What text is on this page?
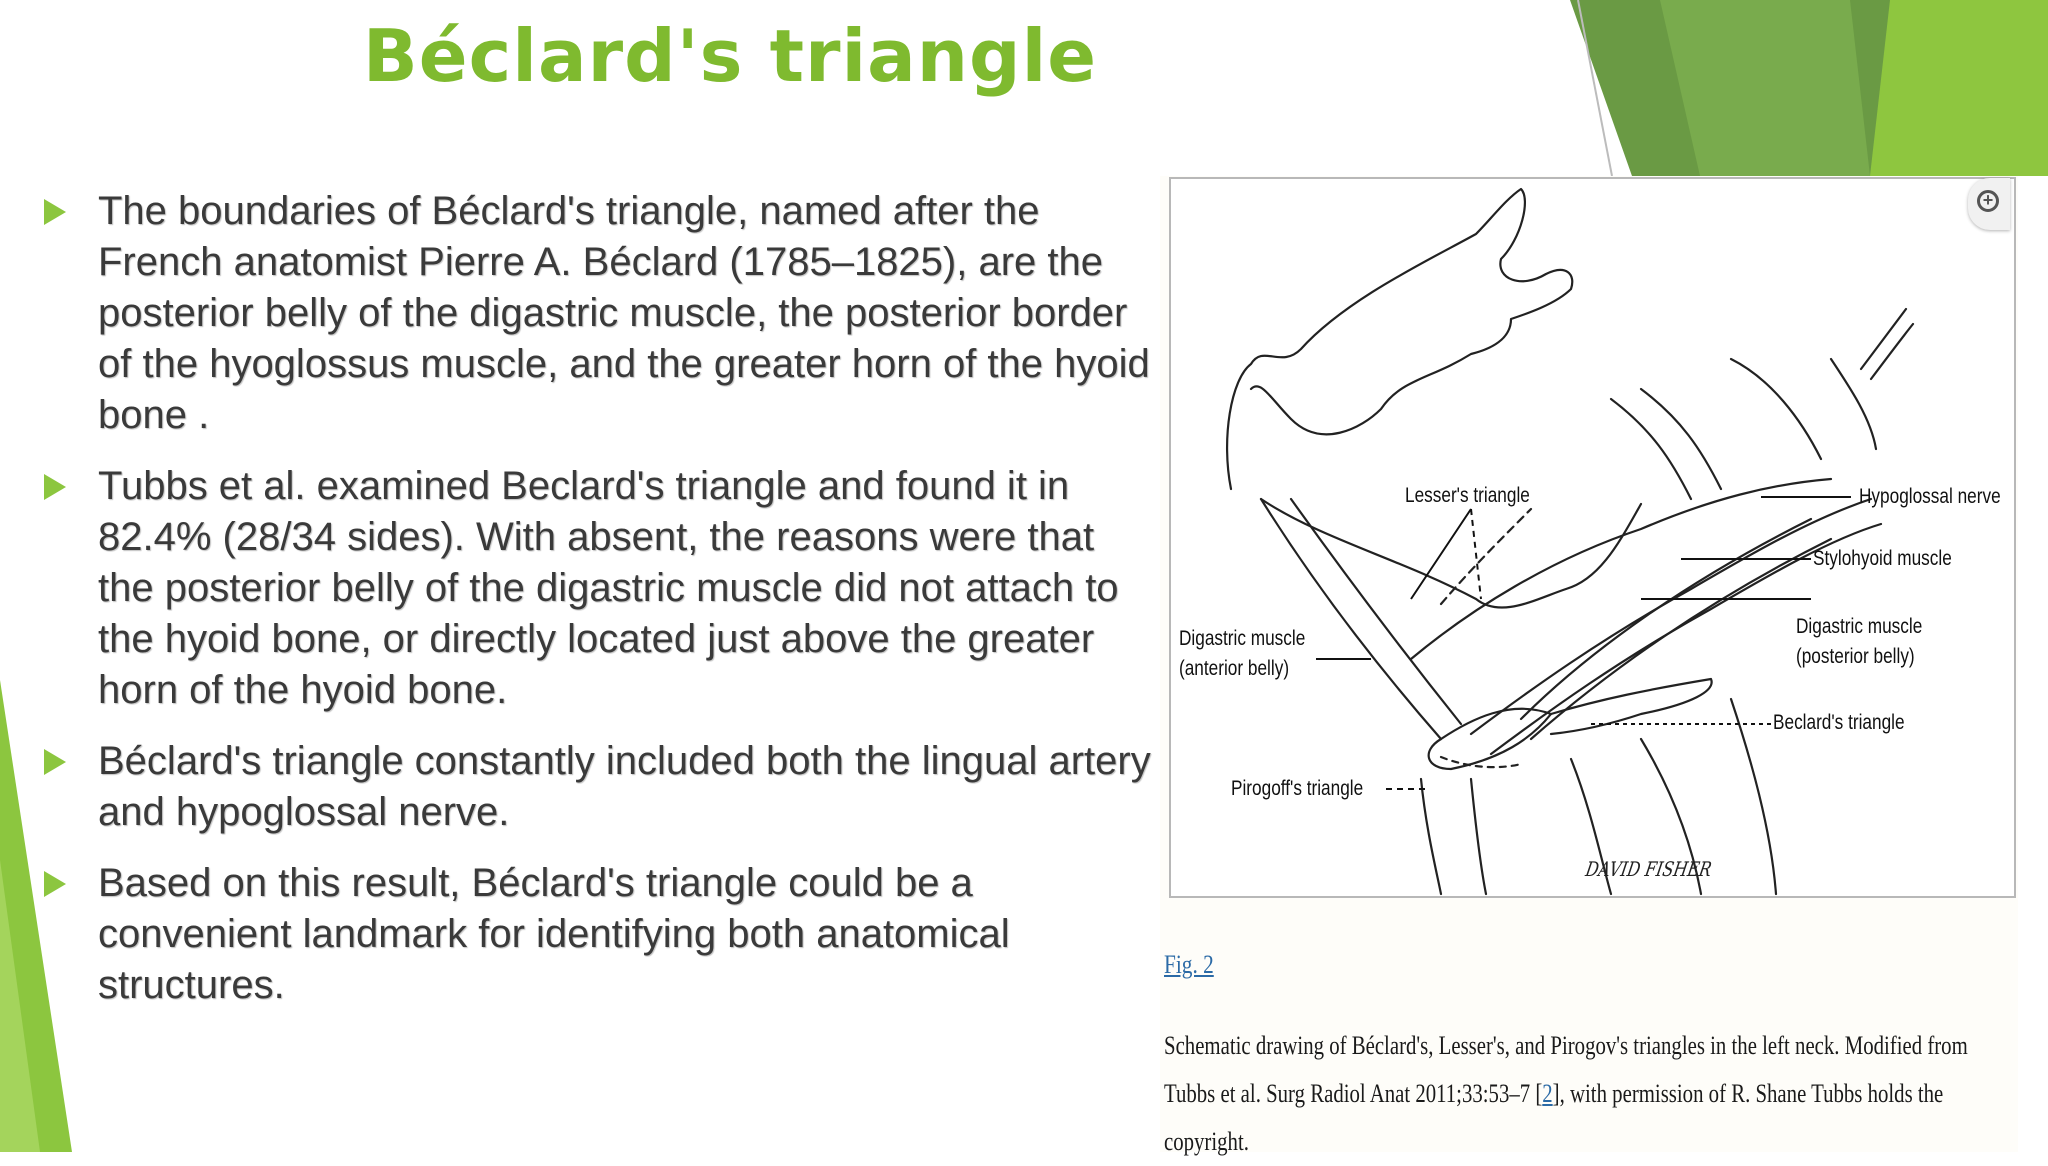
Béclard's triangle
The boundaries of Béclard's triangle, named after the French anatomist Pierre A. Béclard (1785–1825), are the posterior belly of the digastric muscle, the posterior border of the hyoglossus muscle, and the greater horn of the hyoid bone .
Tubbs et al. examined Beclard's triangle and found it in 82.4% (28/34 sides). With absent, the reasons were that the posterior belly of the digastric muscle did not attach to the hyoid bone, or directly located just above the greater horn of the hyoid bone.
Béclard's triangle constantly included both the lingual artery and hypoglossal nerve.
Based on this result, Béclard's triangle could be a convenient landmark for identifying both anatomical structures.
Lesser's triangle	Hypoglossal nerve
Stylohyoid muscle
Digastric muscle
(posterior belly)
Digastric muscle
(anterior belly)
Beclard's triangle
Pirogoff's triangle
DAVID FISHER
+
Fig. 2

Schematic drawing of Béclard's, Lesser's, and Pirogov's triangles in the left neck. Modified from Tubbs et al. Surg Radiol Anat 2011;33:53–7 [2], with permission of R. Shane Tubbs holds the copyright.
